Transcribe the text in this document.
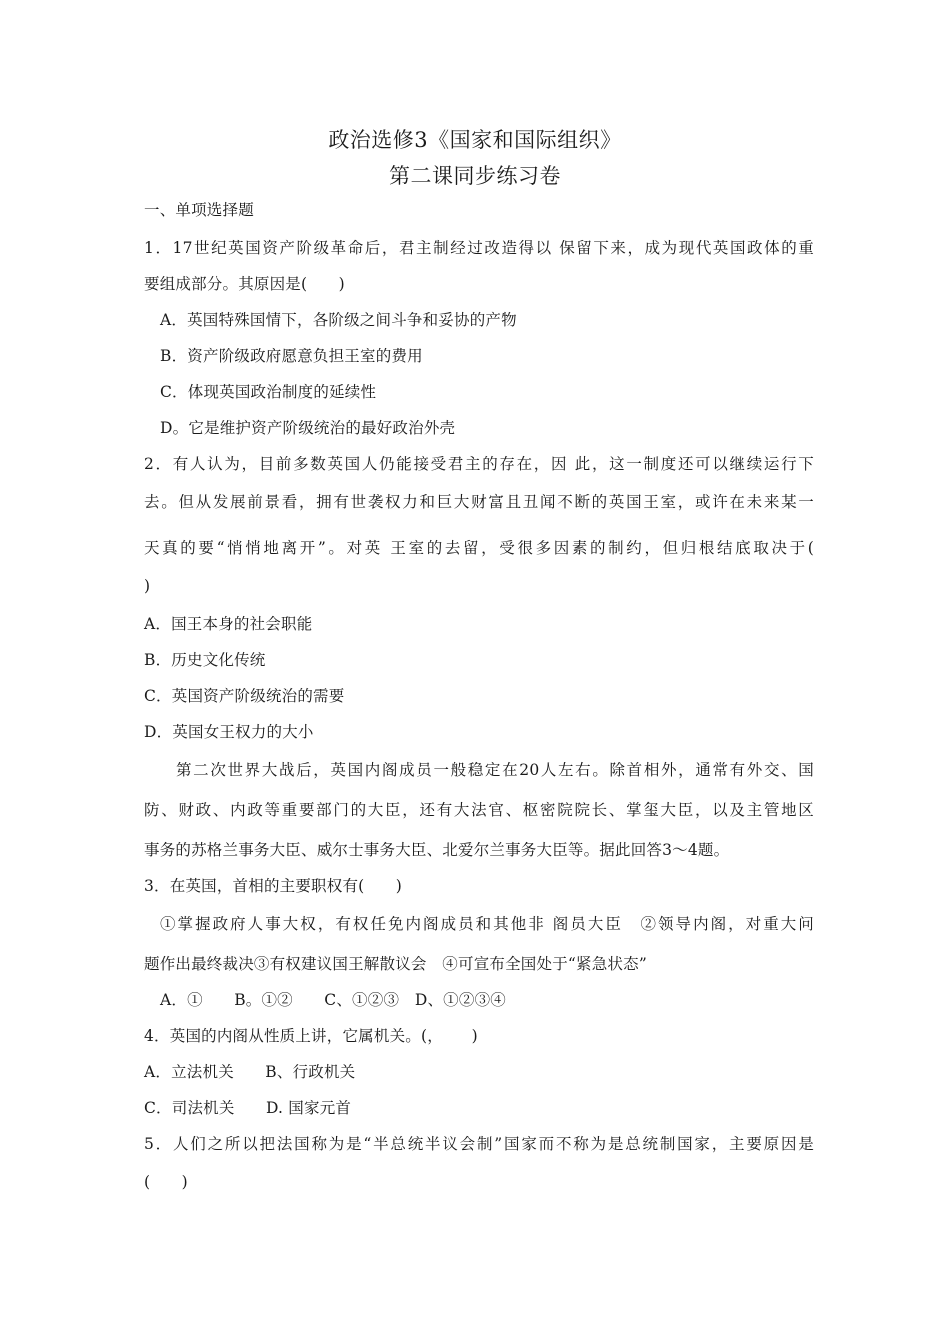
政治选修3《国家和国际组织》
第二课同步练习卷
一、单项选择题
1．17世纪英国资产阶级革命后，君主制经过改造得以 保留下来，成为现代英国政体的重
要组成部分。其原因是(　　)
A．英国特殊国情下，各阶级之间斗争和妥协的产物
B．资产阶级政府愿意负担王室的费用
C．体现英国政治制度的延续性
D。它是维护资产阶级统治的最好政治外壳
2．有人认为，目前多数英国人仍能接受君主的存在，因 此，这一制度还可以继续运行下
去。但从发展前景看，拥有世袭权力和巨大财富且丑闻不断的英国王室，或许在未来某一
天真的要“悄悄地离开”。对英 王室的去留，受很多因素的制约，但归根结底取决于(
)
A．国王本身的社会职能
B．历史文化传统
C．英国资产阶级统治的需要
D．英国女王权力的大小
第二次世界大战后，英国内阁成员一般稳定在20人左右。除首相外，通常有外交、国
防、财政、内政等重要部门的大臣，还有大法官、枢密院院长、掌玺大臣，以及主管地区
事务的苏格兰事务大臣、威尔士事务大臣、北爱尔兰事务大臣等。据此回答3～4题。
3．在英国，首相的主要职权有(　　)
①掌握政府人事大权，有权任免内阁成员和其他非 阁员大臣　②领导内阁，对重大问
题作出最终裁决③有权建议国王解散议会　④可宣布全国处于“紧急状态”
A．①　　B。①②　　C、①②③　D、①②③④
4．英国的内阁从性质上讲，它属机关。(，　　 )
A．立法机关　　B、行政机关
C．司法机关　　D. 国家元首
5．人们之所以把法国称为是“半总统半议会制”国家而不称为是总统制国家，主要原因是
(　　)
